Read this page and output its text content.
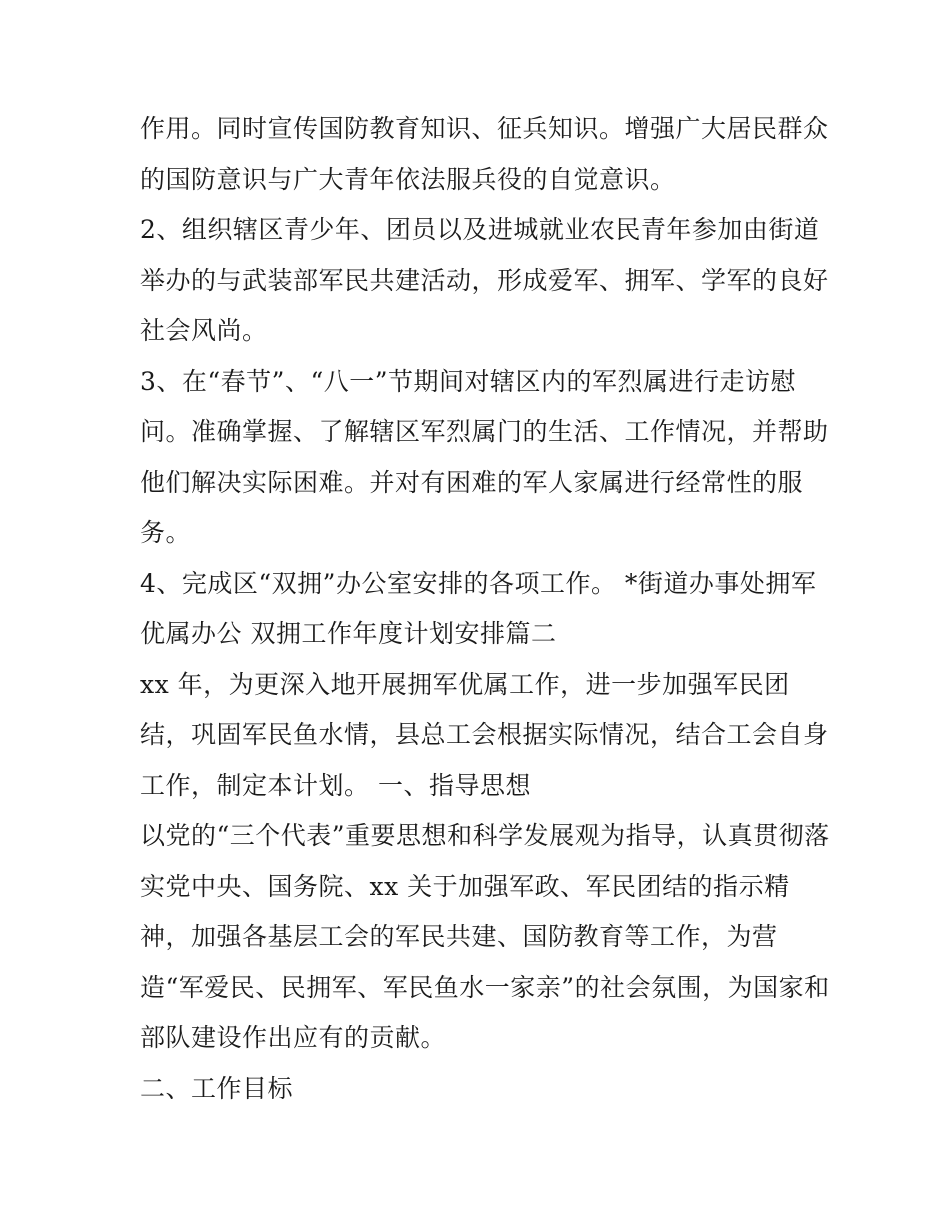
作用。同时宣传国防教育知识、征兵知识。增强广大居民群众
的国防意识与广大青年依法服兵役的自觉意识。
2、组织辖区青少年、团员以及进城就业农民青年参加由街道
举办的与武装部军民共建活动，形成爱军、拥军、学军的良好
社会风尚。
3、在“春节”、“八一”节期间对辖区内的军烈属进行走访慰
问。准确掌握、了解辖区军烈属门的生活、工作情况，并帮助
他们解决实际困难。并对有困难的军人家属进行经常性的服
务。
4、完成区“双拥”办公室安排的各项工作。 *街道办事处拥军
优属办公 双拥工作年度计划安排篇二
xx 年，为更深入地开展拥军优属工作，进一步加强军民团
结，巩固军民鱼水情，县总工会根据实际情况，结合工会自身
工作，制定本计划。 一、指导思想
以党的“三个代表”重要思想和科学发展观为指导，认真贯彻落
实党中央、国务院、xx 关于加强军政、军民团结的指示精
神，加强各基层工会的军民共建、国防教育等工作，为营
造“军爱民、民拥军、军民鱼水一家亲”的社会氛围，为国家和
部队建设作出应有的贡献。
二、工作目标
